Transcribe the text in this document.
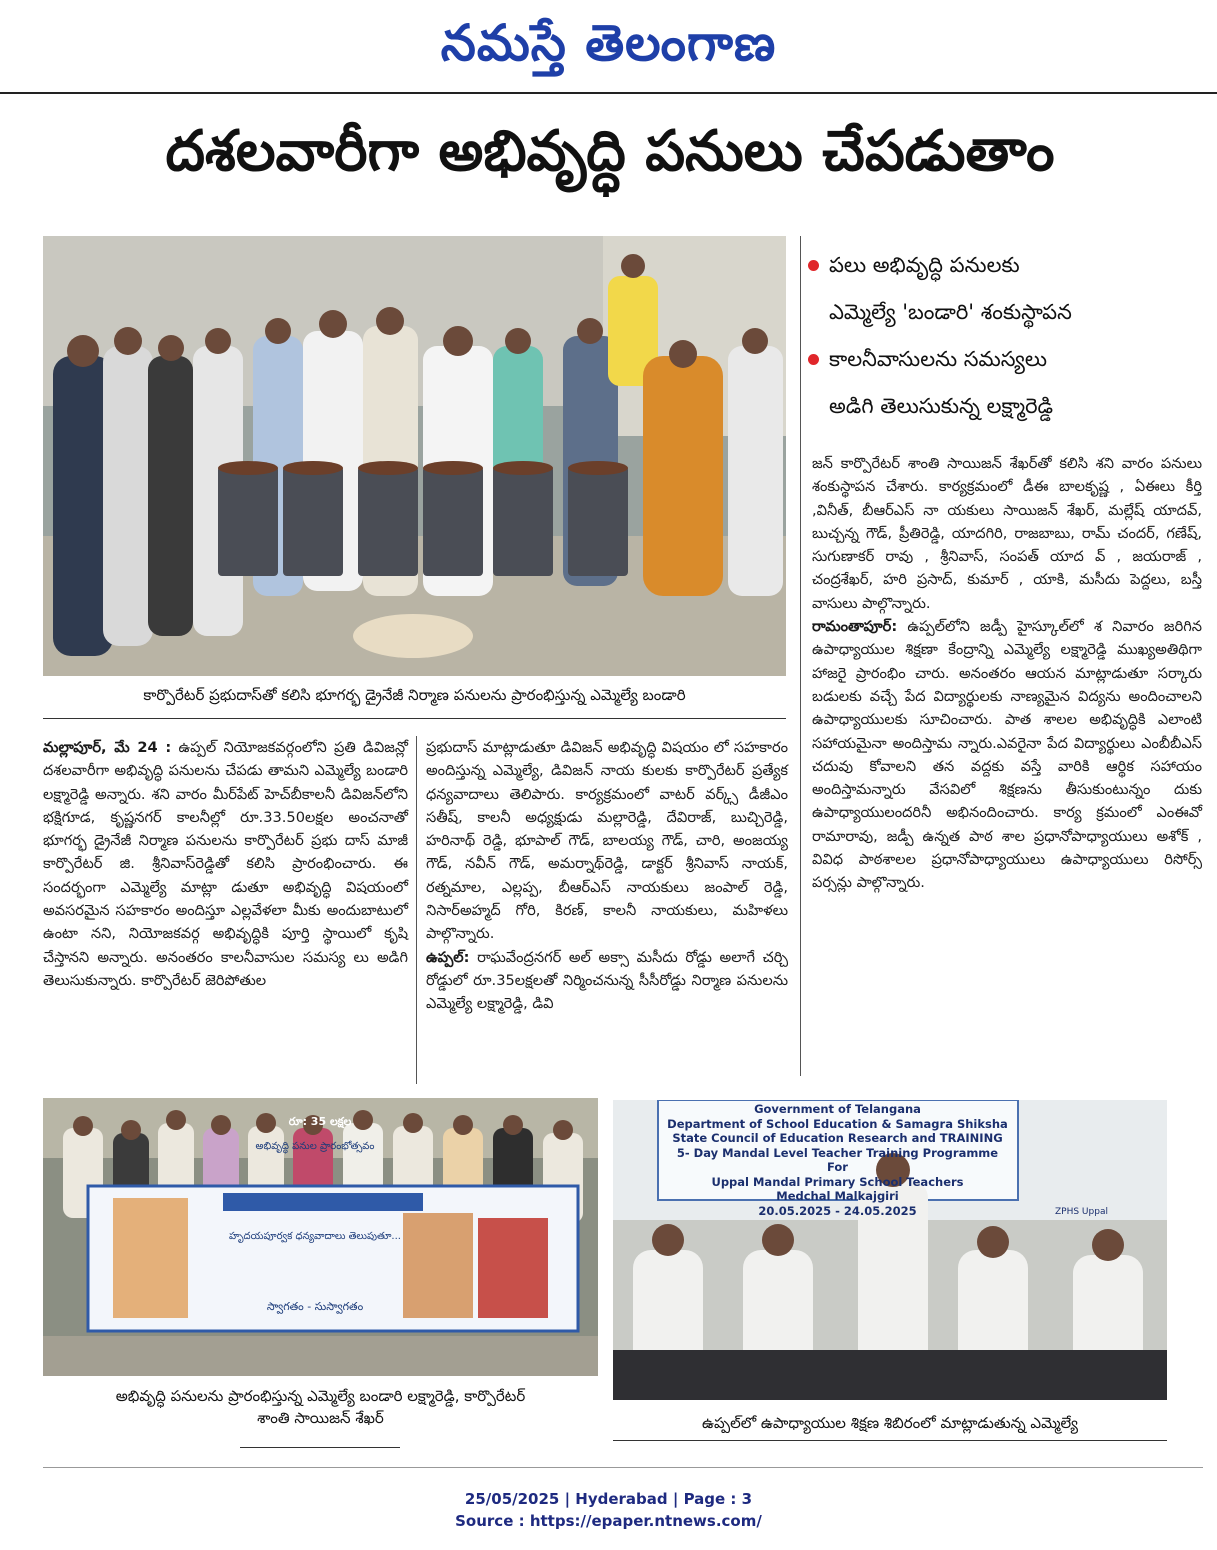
నమస్తే తెలంగాణ
దశలవారీగా అభివృద్ధి పనులు చేపడుతాం
పలు అభివృద్ధి పనులకు
ఎమ్మెల్యే 'బండారి' శంకుస్థాపన
కాలనీవాసులను సమస్యలు
అడిగి తెలుసుకున్న లక్ష్మారెడ్డి
కార్పొరేటర్ ప్రభుదాస్‌తో కలిసి భూగర్భ డ్రైనేజీ నిర్మాణ పనులను ప్రారంభిస్తున్న ఎమ్మెల్యే బండారి

మల్లాపూర్, మే 24 : ఉప్పల్ నియోజకవర్గంలోని ప్రతి డివిజన్లో దశలవారీగా అభివృద్ధి పనులను చేపడు తామని ఎమ్మెల్యే బండారి లక్ష్మారెడ్డి అన్నారు. శని వారం మీర్‌పేట్ హెచ్‌బీకాలనీ డివిజన్‌లోని భక్షిగూడ, కృష్ణనగర్ కాలనీల్లో రూ.33.50లక్షల అంచనాతో భూగర్భ డ్రైనేజీ నిర్మాణ పనులను కార్పొరేటర్ ప్రభు దాస్ మాజీ కార్పొరేటర్ జి. శ్రీనివాస్‌రెడ్డితో కలిసి ప్రారంభించారు. ఈ సందర్భంగా ఎమ్మెల్యే మాట్లా డుతూ అభివృద్ధి విషయంలో అవసరమైన సహకారం అందిస్తూ ఎల్లవేళలా మీకు అందుబాటులో ఉంటా నని, నియోజకవర్గ అభివృద్ధికి పూర్తి స్థాయిలో కృషి చేస్తానని అన్నారు. అనంతరం కాలనీవాసుల సమస్య లు అడిగి తెలుసుకున్నారు. కార్పొరేటర్ జెరిపోతుల

ప్రభుదాస్ మాట్లాడుతూ డివిజన్ అభివృద్ధి విషయం లో సహకారం అందిస్తున్న ఎమ్మెల్యే, డివిజన్ నాయ కులకు కార్పొరేటర్ ప్రత్యేక ధన్యవాదాలు తెలిపారు. కార్యక్రమంలో వాటర్ వర్క్స్ డీజీఎం సతీష్, కాలనీ అధ్యక్షుడు మల్లారెడ్డి, దేవిరాజ్, బుచ్చిరెడ్డి, హరినాథ్ రెడ్డి, భూపాల్ గౌడ్, బాలయ్య గౌడ్, చారి, అంజయ్య గౌడ్, నవీన్ గౌడ్, అమర్నాథ్‌రెడ్డి, డాక్టర్ శ్రీనివాస్ నాయక్, రత్నమాల, ఎల్లప్ప, బీఆర్ఎస్ నాయకులు జంపాల్ రెడ్డి, నిసార్‌అహ్మద్ గోరి, కిరణ్, కాలనీ నాయకులు, మహిళలు పాల్గొన్నారు.

ఉప్పల్: రాఘవేంద్రనగర్ అల్ అక్సా మసీదు రోడ్డు అలాగే చర్చి రోడ్డులో రూ.35లక్షలతో నిర్మించనున్న సీసీరోడ్డు నిర్మాణ పనులను ఎమ్మెల్యే లక్ష్మారెడ్డి, డివి

జన్ కార్పొరేటర్ శాంతి సాయిజన్ శేఖర్‌తో కలిసి శని వారం పనులు శంకుస్థాపన చేశారు. కార్యక్రమంలో డీఈ బాలకృష్ణ , ఏఈలు కీర్తి ,వినీత్, బీఆర్ఎస్ నా యకులు సాయిజన్ శేఖర్, మల్లేష్ యాదవ్, బుచ్చన్న గౌడ్, ప్రీతిరెడ్డి, యాదగిరి, రాజబాబు, రామ్ చందర్, గణేష్, సుగుణాకర్ రావు , శ్రీనివాస్, సంపత్ యాద వ్ , జయరాజ్ , చంద్రశేఖర్, హరి ప్రసాద్, కుమార్ , యాకి, మసీదు పెద్దలు, బస్తీ వాసులు పాల్గొన్నారు.

రామంతాపూర్: ఉప్పల్‌లోని జడ్పీ హైస్కూల్‌లో శ నివారం జరిగిన ఉపాధ్యాయుల శిక్షణా కేంద్రాన్ని ఎమ్మెల్యే లక్ష్మారెడ్డి ముఖ్యఅతిథిగా హాజరై ప్రారంభిం చారు. అనంతరం ఆయన మాట్లాడుతూ సర్కారు బడులకు వచ్చే పేద విద్యార్థులకు నాణ్యమైన విద్యను అందించాలని ఉపాధ్యాయులకు సూచించారు. పాత శాలల అభివృద్ధికి ఎలాంటి సహాయమైనా అందిస్తామ న్నారు.ఎవరైనా పేద విద్యార్థులు ఎంబీబీఎస్ చదువు కోవాలని తన వద్దకు వస్తే వారికి ఆర్థిక సహాయం అందిస్తామన్నారు వేసవిలో శిక్షణను తీసుకుంటున్నం దుకు ఉపాధ్యాయులందరినీ అభినందించారు. కార్య క్రమంలో ఎంఈవో రామారావు, జడ్పీ ఉన్నత పాఠ శాల ప్రధానోపాధ్యాయులు అశోక్ , వివిధ పాఠశాలల ప్రధానోపాధ్యాయులు ఉపాధ్యాయులు రిసోర్స్ పర్సన్లు పాల్గొన్నారు.

రూ: 35 లక్షల
అభివృద్ధి పనుల ప్రారంభోత్సవం
హృదయపూర్వక ధన్యవాదాలు తెలుపుతూ...
స్వాగతం - సుస్వాగతం
అభివృద్ధి పనులను ప్రారంభిస్తున్న ఎమ్మెల్యే బండారి లక్ష్మారెడ్డి, కార్పొరేటర్
శాంతి సాయిజన్ శేఖర్
Government of Telangana
Department of School Education & Samagra Shiksha
State Council of Education Research and TRAINING
5- Day Mandal Level Teacher Training Programme
For
Uppal Mandal Primary School Teachers
Medchal Malkajgiri
20.05.2025 - 24.05.2025	ZPHS Uppal
ఉప్పల్‌లో ఉపాధ్యాయుల శిక్షణ శిబిరంలో మాట్లాడుతున్న ఎమ్మెల్యే
25/05/2025 | Hyderabad | Page : 3
Source : https://epaper.ntnews.com/
